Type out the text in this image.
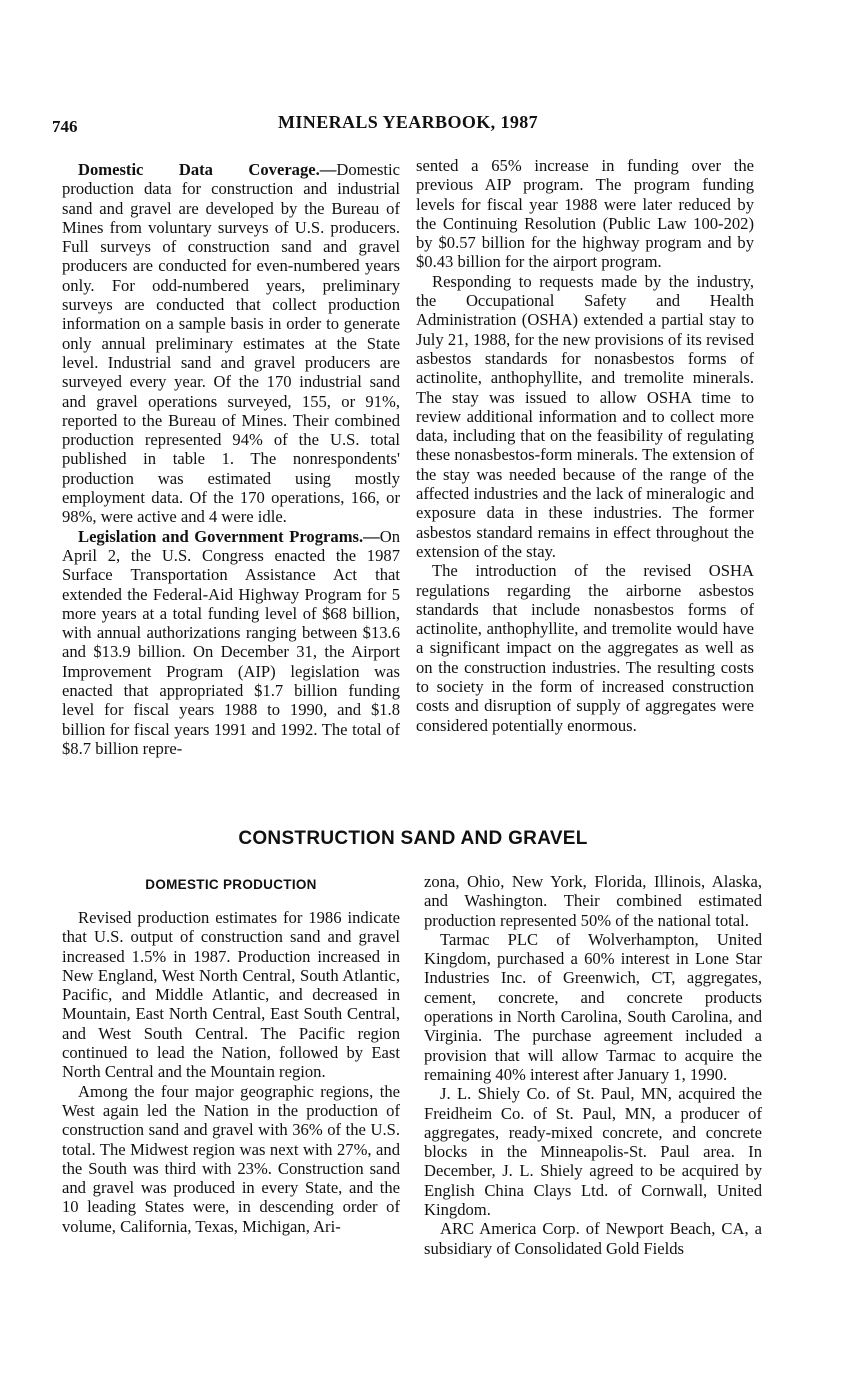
746	MINERALS YEARBOOK, 1987

Domestic Data Coverage.—Domestic production data for construction and industrial sand and gravel are developed by the Bureau of Mines from voluntary surveys of U.S. producers. Full surveys of construction sand and gravel producers are conducted for even-numbered years only. For odd-numbered years, preliminary surveys are conducted that collect production information on a sample basis in order to generate only annual preliminary estimates at the State level. Industrial sand and gravel producers are surveyed every year. Of the 170 industrial sand and gravel operations surveyed, 155, or 91%, reported to the Bureau of Mines. Their combined production represented 94% of the U.S. total published in table 1. The nonrespondents' production was estimated using mostly employment data. Of the 170 operations, 166, or 98%, were active and 4 were idle.

Legislation and Government Programs.—On April 2, the U.S. Congress enacted the 1987 Surface Transportation Assistance Act that extended the Federal-Aid Highway Program for 5 more years at a total funding level of $68 billion, with annual authorizations ranging between $13.6 and $13.9 billion. On December 31, the Airport Improvement Program (AIP) legislation was enacted that appropriated $1.7 billion funding level for fiscal years 1988 to 1990, and $1.8 billion for fiscal years 1991 and 1992. The total of $8.7 billion repre-

sented a 65% increase in funding over the previous AIP program. The program funding levels for fiscal year 1988 were later reduced by the Continuing Resolution (Public Law 100-202) by $0.57 billion for the highway program and by $0.43 billion for the airport program.

Responding to requests made by the industry, the Occupational Safety and Health Administration (OSHA) extended a partial stay to July 21, 1988, for the new provisions of its revised asbestos standards for nonasbestos forms of actinolite, anthophyllite, and tremolite minerals. The stay was issued to allow OSHA time to review additional information and to collect more data, including that on the feasibility of regulating these nonasbestos-form minerals. The extension of the stay was needed because of the range of the affected industries and the lack of mineralogic and exposure data in these industries. The former asbestos standard remains in effect throughout the extension of the stay.

The introduction of the revised OSHA regulations regarding the airborne asbestos standards that include nonasbestos forms of actinolite, anthophyllite, and tremolite would have a significant impact on the aggregates as well as on the construction industries. The resulting costs to society in the form of increased construction costs and disruption of supply of aggregates were considered potentially enormous.

CONSTRUCTION SAND AND GRAVEL
DOMESTIC PRODUCTION

Revised production estimates for 1986 indicate that U.S. output of construction sand and gravel increased 1.5% in 1987. Production increased in New England, West North Central, South Atlantic, Pacific, and Middle Atlantic, and decreased in Mountain, East North Central, East South Central, and West South Central. The Pacific region continued to lead the Nation, followed by East North Central and the Mountain region.

Among the four major geographic regions, the West again led the Nation in the production of construction sand and gravel with 36% of the U.S. total. The Midwest region was next with 27%, and the South was third with 23%. Construction sand and gravel was produced in every State, and the 10 leading States were, in descending order of volume, California, Texas, Michigan, Ari-

zona, Ohio, New York, Florida, Illinois, Alaska, and Washington. Their combined estimated production represented 50% of the national total.

Tarmac PLC of Wolverhampton, United Kingdom, purchased a 60% interest in Lone Star Industries Inc. of Greenwich, CT, aggregates, cement, concrete, and concrete products operations in North Carolina, South Carolina, and Virginia. The purchase agreement included a provision that will allow Tarmac to acquire the remaining 40% interest after January 1, 1990.

J. L. Shiely Co. of St. Paul, MN, acquired the Freidheim Co. of St. Paul, MN, a producer of aggregates, ready-mixed concrete, and concrete blocks in the Minneapolis-St. Paul area. In December, J. L. Shiely agreed to be acquired by English China Clays Ltd. of Cornwall, United Kingdom.

ARC America Corp. of Newport Beach, CA, a subsidiary of Consolidated Gold Fields
